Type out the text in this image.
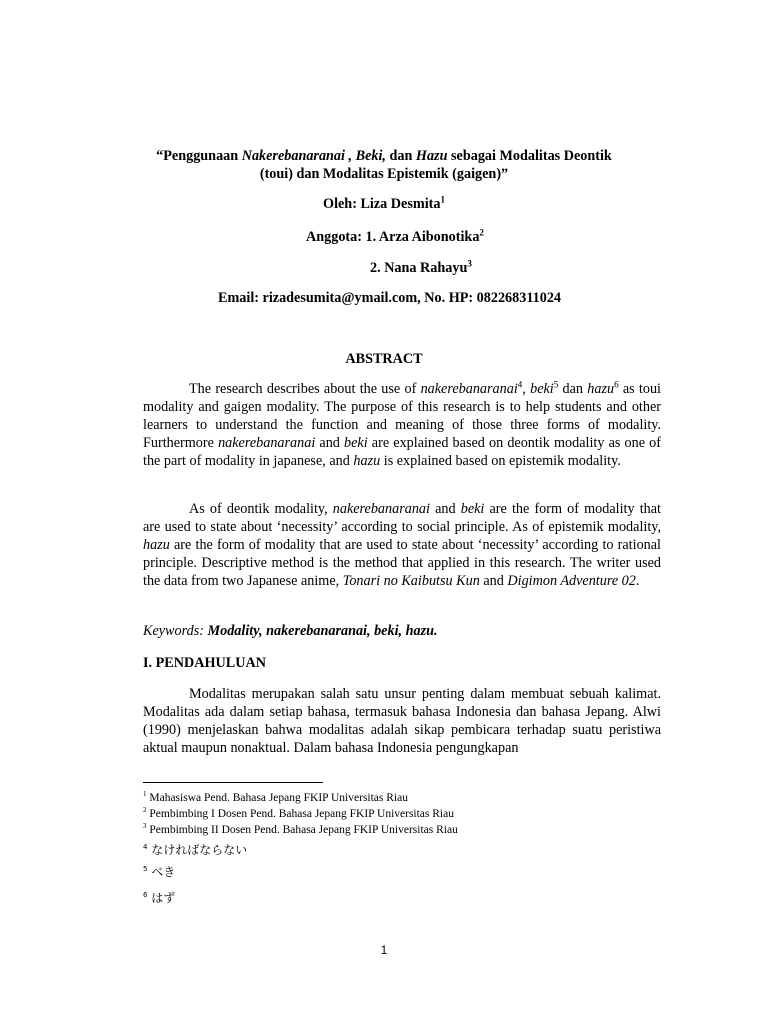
“Penggunaan Nakerebanaranai , Beki, dan Hazu sebagai Modalitas Deontik
(toui) dan Modalitas Epistemik (gaigen)”
Oleh: Liza Desmita$^1$
Anggota: 1. Arza Aibonotika$^2$
2. Nana Rahayu$^3$
Email: rizadesumita@ymail.com, No. HP: 082268311024
ABSTRACT
The research describes about the use of nakerebanaranai$^4$, beki$^5$ dan hazu$^6$ as toui modality and gaigen modality. The purpose of this research is to help students and other learners to understand the function and meaning of those three forms of modality. Furthermore nakerebanaranai and beki are explained based on deontik modality as one of the part of modality in japanese, and hazu is explained based on epistemik modality.
As of deontik modality, nakerebanaranai and beki are the form of modality that are used to state about ‘necessity’ according to social principle. As of epistemik modality, hazu are the form of modality that are used to state about ‘necessity’ according to rational principle. Descriptive method is the method that applied in this research. The writer used the data from two Japanese anime, Tonari no Kaibutsu Kun and Digimon Adventure 02.
Keywords: Modality, nakerebanaranai, beki, hazu.
I. PENDAHULUAN
Modalitas merupakan salah satu unsur penting dalam membuat sebuah kalimat. Modalitas ada dalam setiap bahasa, termasuk bahasa Indonesia dan bahasa Jepang. Alwi (1990) menjelaskan bahwa modalitas adalah sikap pembicara terhadap suatu peristiwa aktual maupun nonaktual. Dalam bahasa Indonesia pengungkapan
$^1$ Mahasiswa Pend. Bahasa Jepang FKIP Universitas Riau
$^2$ Pembimbing I Dosen Pend. Bahasa Jepang FKIP Universitas Riau
$^3$ Pembimbing II Dosen Pend. Bahasa Jepang FKIP Universitas Riau
$^4$ なければならない
$^5$ べき
$^6$ はず
1
